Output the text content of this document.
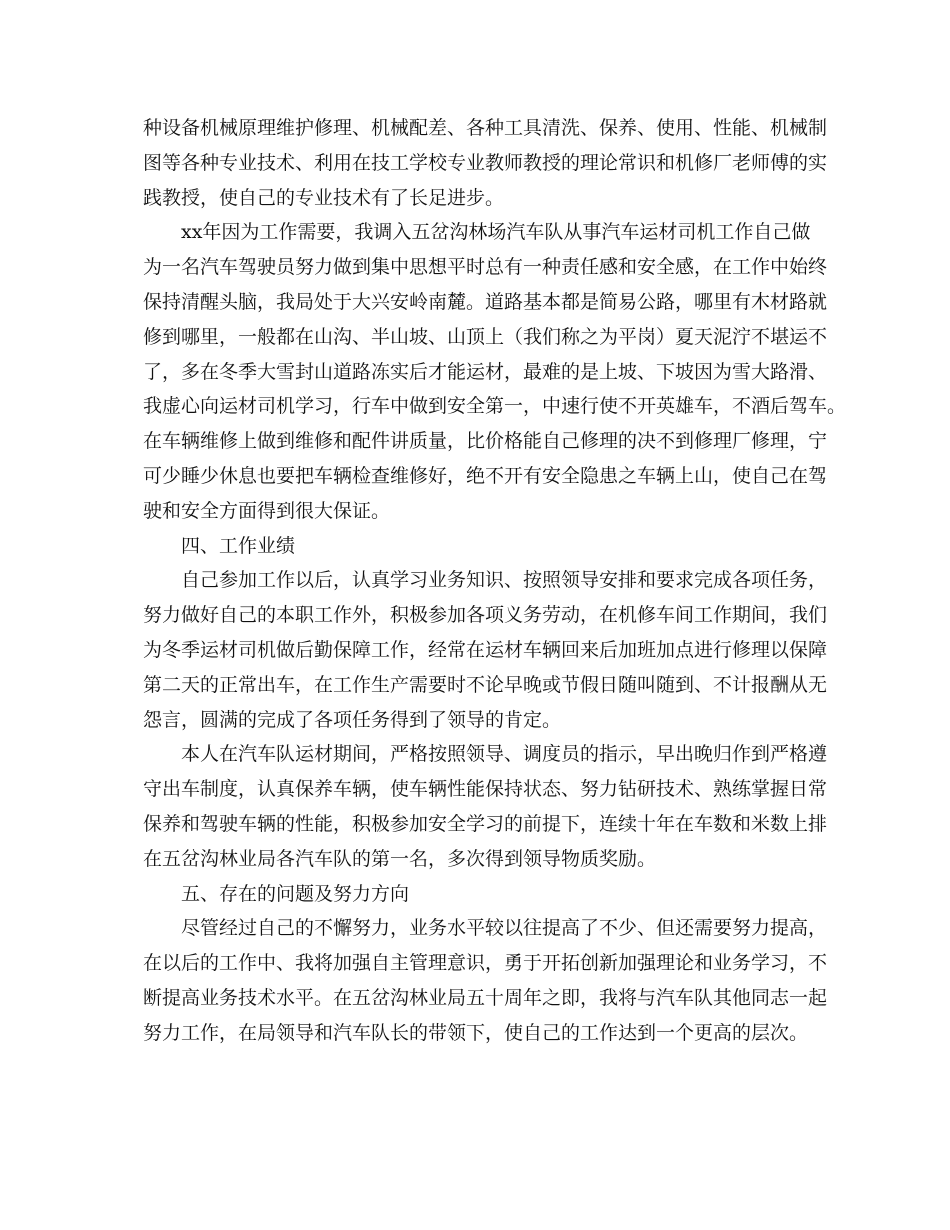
种设备机械原理维护修理、机械配差、各种工具清洗、保养、使用、性能、机械制
图等各种专业技术、利用在技工学校专业教师教授的理论常识和机修厂老师傅的实
践教授，使自己的专业技术有了长足进步。
xx年因为工作需要，我调入五岔沟林场汽车队从事汽车运材司机工作自己做
为一名汽车驾驶员努力做到集中思想平时总有一种责任感和安全感，在工作中始终
保持清醒头脑，我局处于大兴安岭南麓。道路基本都是简易公路，哪里有木材路就
修到哪里，一般都在山沟、半山坡、山顶上（我们称之为平岗）夏天泥泞不堪运不
了，多在冬季大雪封山道路冻实后才能运材，最难的是上坡、下坡因为雪大路滑、
我虚心向运材司机学习，行车中做到安全第一，中速行使不开英雄车，不酒后驾车。
在车辆维修上做到维修和配件讲质量，比价格能自己修理的决不到修理厂修理，宁
可少睡少休息也要把车辆检查维修好，绝不开有安全隐患之车辆上山，使自己在驾
驶和安全方面得到很大保证。
四、工作业绩
自己参加工作以后，认真学习业务知识、按照领导安排和要求完成各项任务，
努力做好自己的本职工作外，积极参加各项义务劳动，在机修车间工作期间，我们
为冬季运材司机做后勤保障工作，经常在运材车辆回来后加班加点进行修理以保障
第二天的正常出车，在工作生产需要时不论早晚或节假日随叫随到、不计报酬从无
怨言，圆满的完成了各项任务得到了领导的肯定。
本人在汽车队运材期间，严格按照领导、调度员的指示，早出晚归作到严格遵
守出车制度，认真保养车辆，使车辆性能保持状态、努力钻研技术、熟练掌握日常
保养和驾驶车辆的性能，积极参加安全学习的前提下，连续十年在车数和米数上排
在五岔沟林业局各汽车队的第一名，多次得到领导物质奖励。
五、存在的问题及努力方向
尽管经过自己的不懈努力，业务水平较以往提高了不少、但还需要努力提高，
在以后的工作中、我将加强自主管理意识，勇于开拓创新加强理论和业务学习，不
断提高业务技术水平。在五岔沟林业局五十周年之即，我将与汽车队其他同志一起
努力工作，在局领导和汽车队长的带领下，使自己的工作达到一个更高的层次。
